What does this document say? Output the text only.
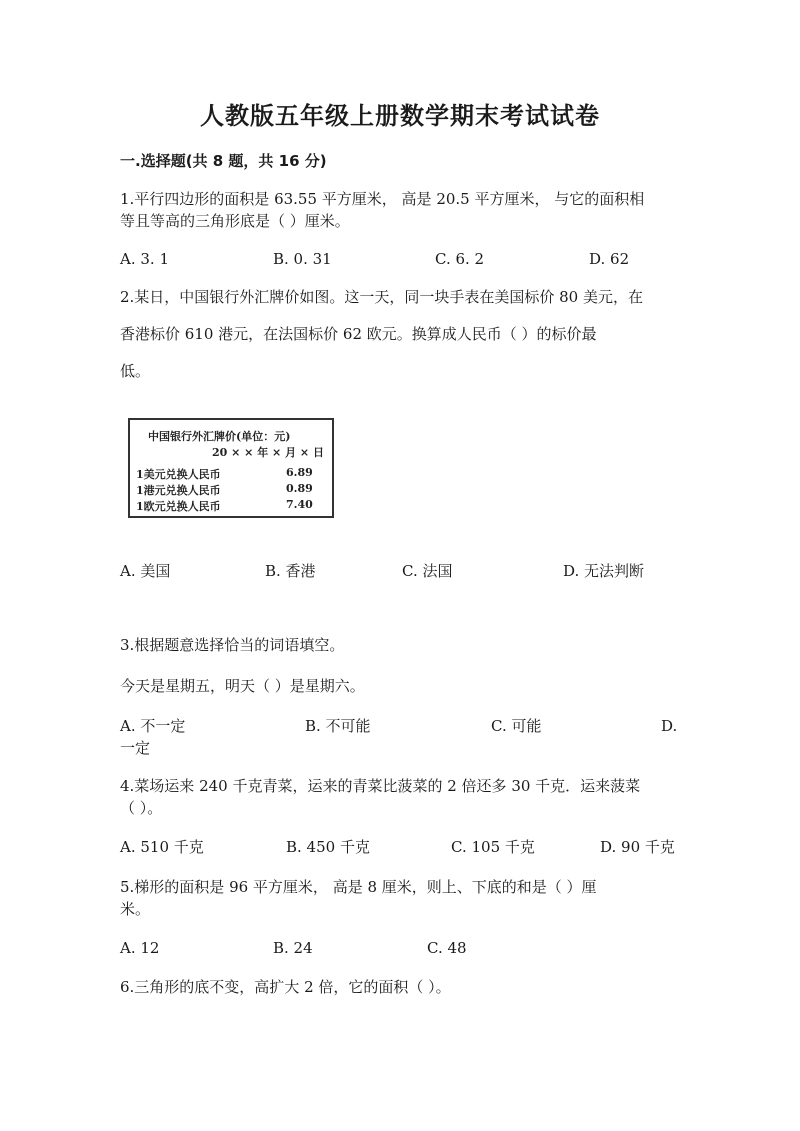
人教版五年级上册数学期末考试试卷
一.选择题(共 8 题，共 16 分)
1.平行四边形的面积是 63.55 平方厘米， 高是 20.5 平方厘米， 与它的面积相
等且等高的三角形底是（ ）厘米。
A. 3. 1	B. 0. 31	C. 6. 2	D. 62
2.某日，中国银行外汇牌价如图。这一天，同一块手表在美国标价 80 美元，在
香港标价 610 港元，在法国标价 62 欧元。换算成人民币（ ）的标价最
低。
中国银行外汇牌价(单位：元)
20 × × 年 × 月 × 日
1美元兑换人民币	6.89
1港元兑换人民币	0.89
1欧元兑换人民币	7.40
A. 美国	B. 香港	C. 法国	D. 无法判断
3.根据题意选择恰当的词语填空。
今天是星期五，明天（ ）是星期六。
A. 不一定	B. 不可能	C. 可能	D.
一定
4.菜场运来 240 千克青菜，运来的青菜比菠菜的 2 倍还多 30 千克．运来菠菜
（ ）。
A. 510 千克	B. 450 千克	C. 105 千克	D. 90 千克
5.梯形的面积是 96 平方厘米， 高是 8 厘米，则上、下底的和是（ ）厘
米。
A. 12	B. 24	C. 48
6.三角形的底不变，高扩大 2 倍，它的面积（ ）。
